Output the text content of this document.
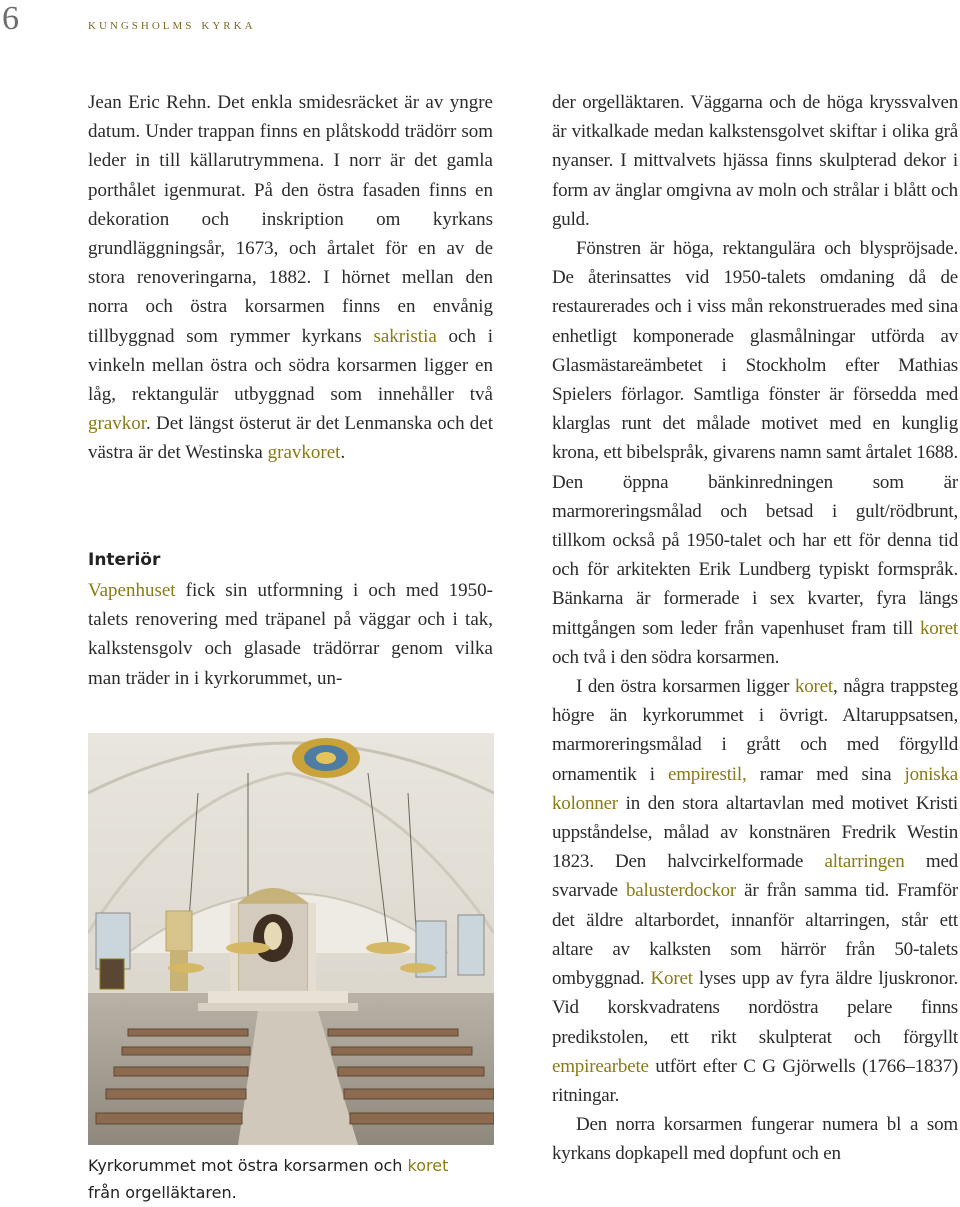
6	kungsholms kyrka

Jean Eric Rehn. Det enkla smidesräcket är av yngre datum. Under trappan finns en plåtskodd trädörr som leder in till källarutrymmena. I norr är det gamla porthålet igenmurat. På den östra fasaden finns en dekoration och inskription om kyrkans grundläggningsår, 1673, och årtalet för en av de stora renoveringarna, 1882. I hörnet mellan den norra och östra korsarmen finns en envånig tillbyggnad som rymmer kyrkans sakristia och i vinkeln mellan östra och södra korsarmen ligger en låg, rektangulär utbyggnad som innehåller två gravkor. Det längst österut är det Lenmanska och det västra är det Westinska gravkoret.

Interiör

Vapenhuset fick sin utformning i och med 1950-talets renovering med träpanel på väggar och i tak, kalkstensgolv och glasade trädörrar genom vilka man träder in i kyrkorummet, un-

Kyrkorummet mot östra korsarmen och koret
från orgelläktaren.

der orgelläktaren. Väggarna och de höga kryssvalven är vitkalkade medan kalkstensgolvet skiftar i olika grå nyanser. I mittvalvets hjässa finns skulpterad dekor i form av änglar omgivna av moln och strålar i blått och guld.

Fönstren är höga, rektangulära och blyspröjsade. De återinsattes vid 1950-talets omdaning då de restaurerades och i viss mån rekonstruerades med sina enhetligt komponerade glasmålningar utförda av Glasmästareämbetet i Stockholm efter Mathias Spielers förlagor. Samtliga fönster är försedda med klarglas runt det målade motivet med en kunglig krona, ett bibelspråk, givarens namn samt årtalet 1688. Den öppna bänkinredningen som är marmoreringsmålad och betsad i gult/rödbrunt, tillkom också på 1950-talet och har ett för denna tid och för arkitekten Erik Lundberg typiskt formspråk. Bänkarna är formerade i sex kvarter, fyra längs mittgången som leder från vapenhuset fram till koret och två i den södra korsarmen.

I den östra korsarmen ligger koret, några trappsteg högre än kyrkorummet i övrigt. Altaruppsatsen, marmoreringsmålad i grått och med förgylld ornamentik i empirestil, ramar med sina joniska kolonner in den stora altartavlan med motivet Kristi uppståndelse, målad av konstnären Fredrik Westin 1823. Den halvcirkelformade altarringen med svarvade balusterdockor är från samma tid. Framför det äldre altarbordet, innanför altarringen, står ett altare av kalksten som härrör från 50-talets ombyggnad. Koret lyses upp av fyra äldre ljuskronor. Vid korskvadratens nordöstra pelare finns predikstolen, ett rikt skulpterat och förgyllt empirearbete utfört efter C G Gjörwells (1766–1837) ritningar.

Den norra korsarmen fungerar numera bl a som kyrkans dopkapell med dopfunt och en
